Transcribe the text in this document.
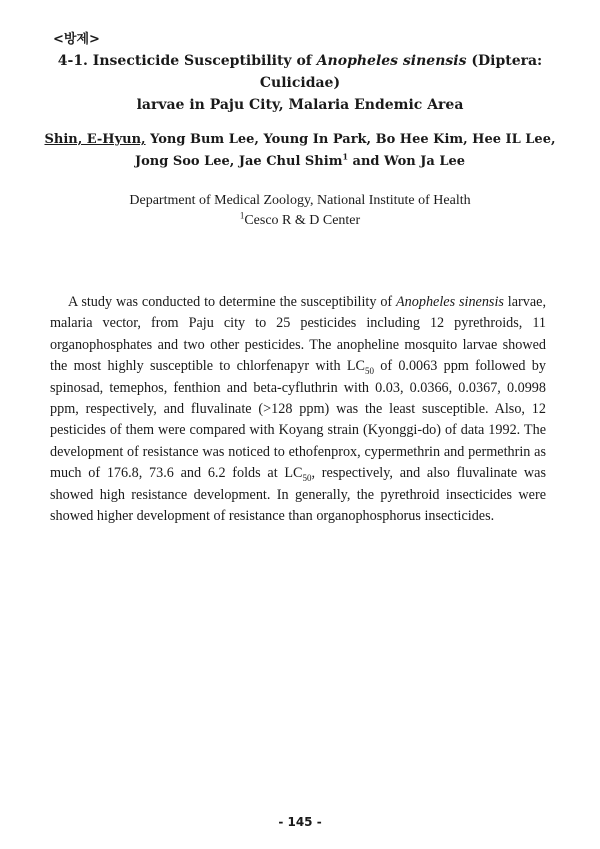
<방제>
4-1. Insecticide Susceptibility of Anopheles sinensis (Diptera: Culicidae)
larvae in Paju City, Malaria Endemic Area
Shin, E-Hyun, Yong Bum Lee, Young In Park, Bo Hee Kim, Hee IL Lee, Jong Soo Lee, Jae Chul Shim$^1$ and Won Ja Lee
Department of Medical Zoology, National Institute of Health
$^1$Cesco R & D Center

A study was conducted to determine the susceptibility of Anopheles sinensis larvae, malaria vector, from Paju city to 25 pesticides including 12 pyrethroids, 11 organophosphates and two other pesticides. The anopheline mosquito larvae showed the most highly susceptible to chlorfenapyr with $LC_{50}$ of 0.0063 ppm followed by spinosad, temephos, fenthion and beta-cyfluthrin with 0.03, 0.0366, 0.0367, 0.0998 ppm, respectively, and fluvalinate (>128 ppm) was the least susceptible. Also, 12 pesticides of them were compared with Koyang strain (Kyonggi-do) of data 1992. The development of resistance was noticed to ethofenprox, cypermethrin and permethrin as much of 176.8, 73.6 and 6.2 folds at $LC_{50}$, respectively, and also fluvalinate was showed high resistance development. In generally, the pyrethroid insecticides were showed higher development of resistance than organophosphorus insecticides.

- 145 -
